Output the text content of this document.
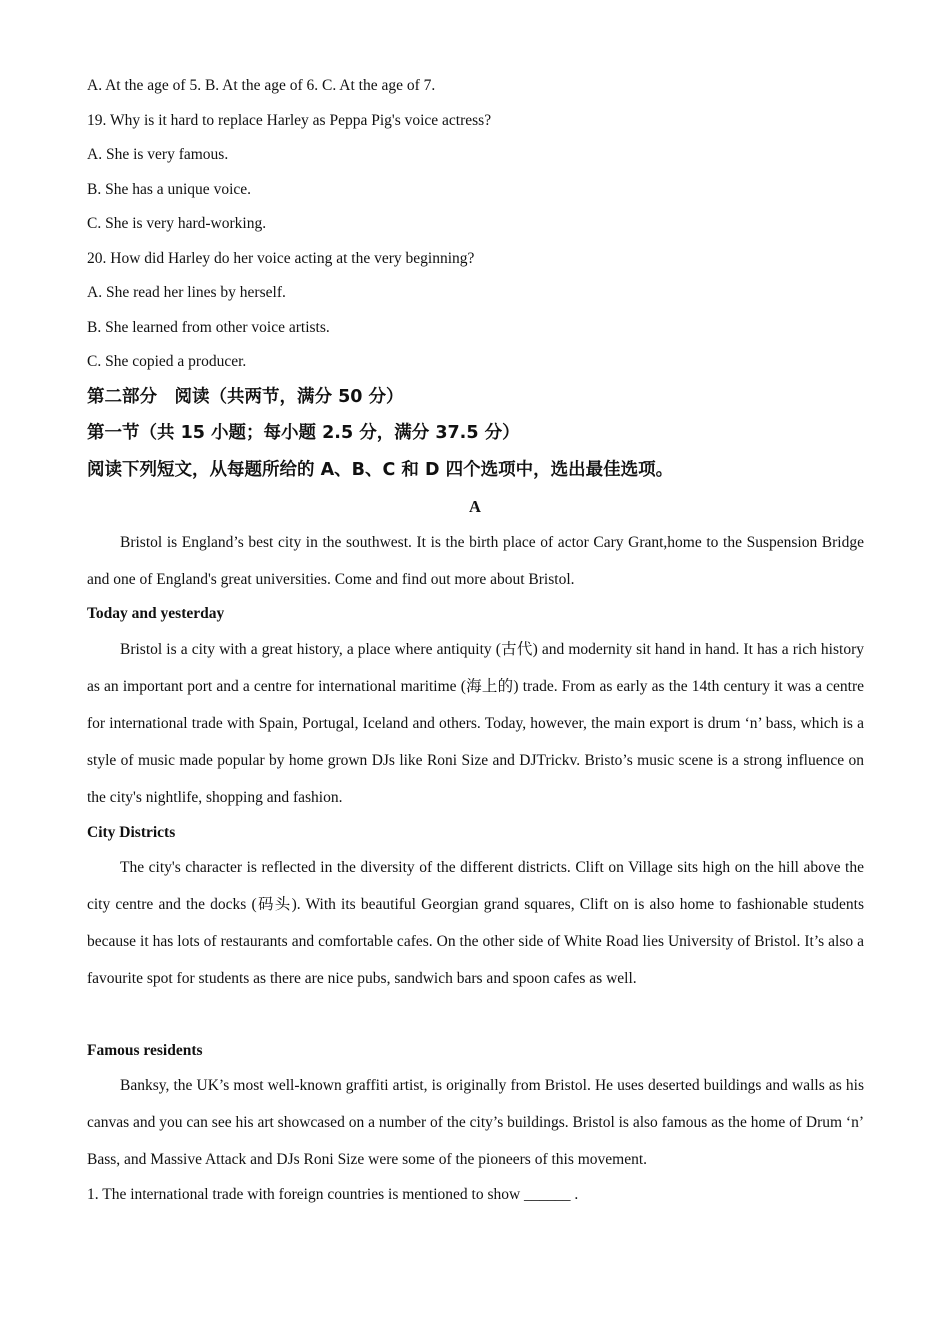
A. At the age of 5. B. At the age of 6. C. At the age of 7.
19. Why is it hard to replace Harley as Peppa Pig's voice actress?
A. She is very famous.
B. She has a unique voice.
C. She is very hard-working.
20. How did Harley do her voice acting at the very beginning?
A. She read her lines by herself.
B. She learned from other voice artists.
C. She copied a producer.
第二部分　阅读（共两节，满分 50 分）
第一节（共 15 小题；每小题 2.5 分，满分 37.5 分）
阅读下列短文，从每题所给的 A、B、C 和 D 四个选项中，选出最佳选项。
A

Bristol is England’s best city in the southwest. It is the birth place of actor Cary Grant,home to the Suspension Bridge and one of England's great universities. Come and find out more about Bristol.

Today and yesterday

Bristol is a city with a great history, a place where antiquity (古代) and modernity sit hand in hand. It has a rich history as an important port and a centre for international maritime (海上的) trade. From as early as the 14th century it was a centre for international trade with Spain, Portugal, Iceland and others. Today, however, the main export is drum ‘n’ bass, which is a style of music made popular by home grown DJs like Roni Size and DJTrickv. Bristo’s music scene is a strong influence on the city's nightlife, shopping and fashion.

City Districts

The city's character is reflected in the diversity of the different districts. Clift on Village sits high on the hill above the city centre and the docks (码头). With its beautiful Georgian grand squares, Clift on is also home to fashionable students because it has lots of restaurants and comfortable cafes. On the other side of White Road lies University of Bristol. It’s also a favourite spot for students as there are nice pubs, sandwich bars and spoon cafes as well.

Famous residents

Banksy, the UK’s most well-known graffiti artist, is originally from Bristol. He uses deserted buildings and walls as his canvas and you can see his art showcased on a number of the city’s buildings. Bristol is also famous as the home of Drum ‘n’ Bass, and Massive Attack and DJs Roni Size were some of the pioneers of this movement.

1. The international trade with foreign countries is mentioned to show ______ .
